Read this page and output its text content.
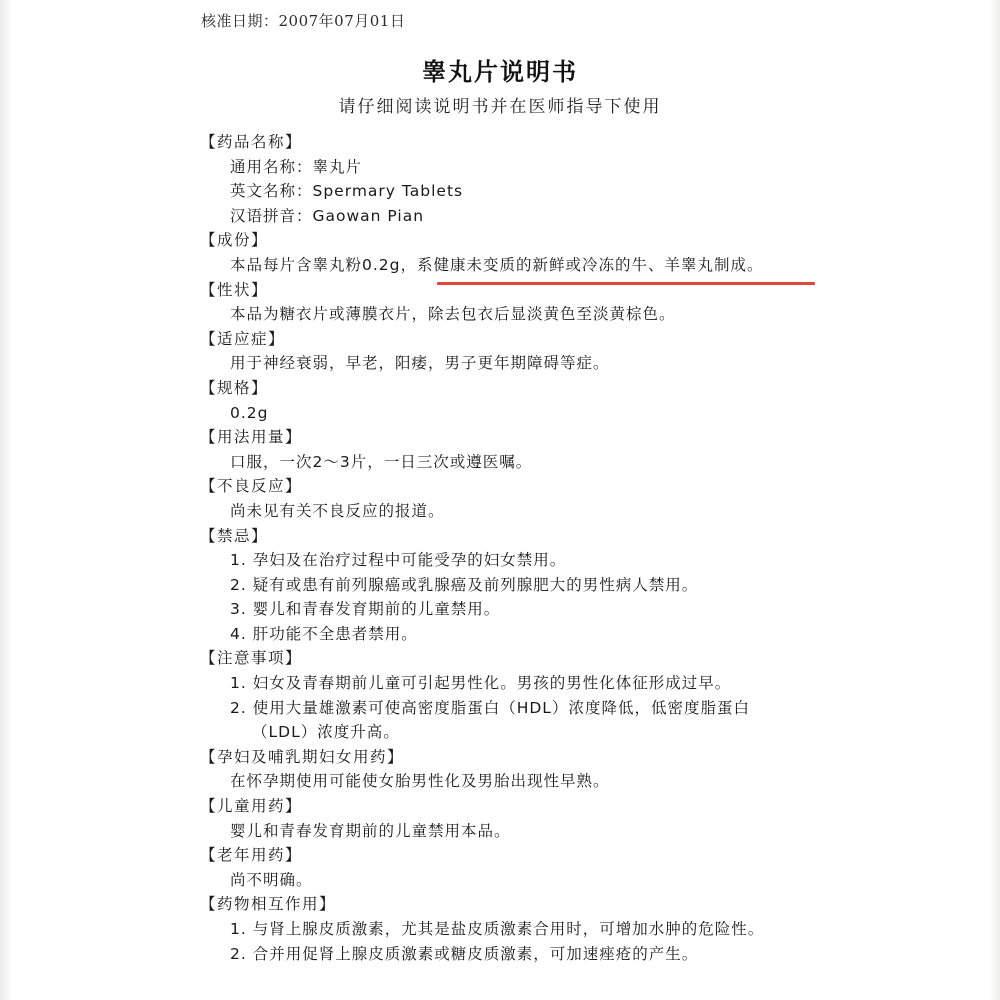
核准日期：2007年07月01日
睾丸片说明书
请仔细阅读说明书并在医师指导下使用
【药品名称】
通用名称：睾丸片
英文名称：Spermary Tablets
汉语拼音：Gaowan Pian
【成份】
本品每片含睾丸粉0.2g，系健康未变质的新鲜或冷冻的牛、羊睾丸制成。
【性状】
本品为糖衣片或薄膜衣片，除去包衣后显淡黄色至淡黄棕色。
【适应症】
用于神经衰弱，早老，阳痿，男子更年期障碍等症。
【规格】
0.2g
【用法用量】
口服，一次2～3片，一日三次或遵医嘱。
【不良反应】
尚未见有关不良反应的报道。
【禁忌】
1. 孕妇及在治疗过程中可能受孕的妇女禁用。
2. 疑有或患有前列腺癌或乳腺癌及前列腺肥大的男性病人禁用。
3. 婴儿和青春发育期前的儿童禁用。
4. 肝功能不全患者禁用。
【注意事项】
1. 妇女及青春期前儿童可引起男性化。男孩的男性化体征形成过早。
2. 使用大量雄激素可使高密度脂蛋白（HDL）浓度降低，低密度脂蛋白
（LDL）浓度升高。
【孕妇及哺乳期妇女用药】
在怀孕期使用可能使女胎男性化及男胎出现性早熟。
【儿童用药】
婴儿和青春发育期前的儿童禁用本品。
【老年用药】
尚不明确。
【药物相互作用】
1. 与肾上腺皮质激素，尤其是盐皮质激素合用时，可增加水肿的危险性。
2. 合并用促肾上腺皮质激素或糖皮质激素，可加速痤疮的产生。
